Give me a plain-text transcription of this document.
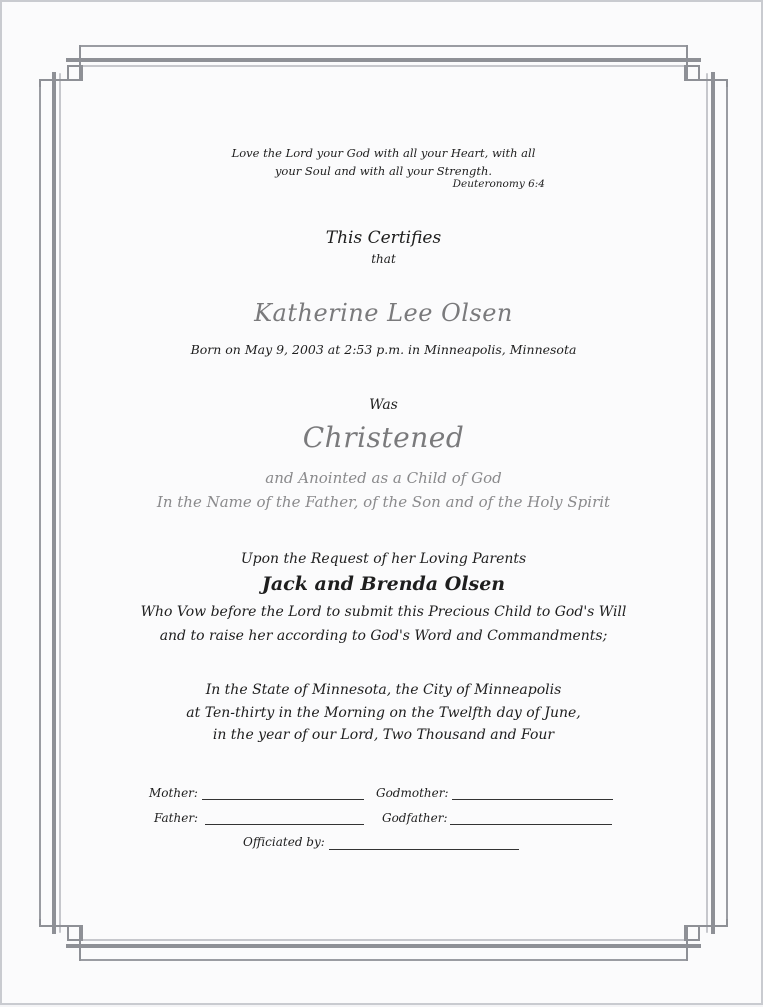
Love the Lord your God with all your Heart, with all
your Soul and with all your Strength.
Deuteronomy 6:4
This Certifies
that
Katherine Lee Olsen
Born on May 9, 2003 at 2:53 p.m. in Minneapolis, Minnesota
Was
Christened
and Anointed as a Child of God
In the Name of the Father, of the Son and of the Holy Spirit
Upon the Request of her Loving Parents
Jack and Brenda Olsen
Who Vow before the Lord to submit this Precious Child to God's Will
and to raise her according to God's Word and Commandments;
In the State of Minnesota, the City of Minneapolis
at Ten-thirty in the Morning on the Twelfth day of June,
in the year of our Lord, Two Thousand and Four
Mother:	Godmother:
Father:	Godfather:
Officiated by:
